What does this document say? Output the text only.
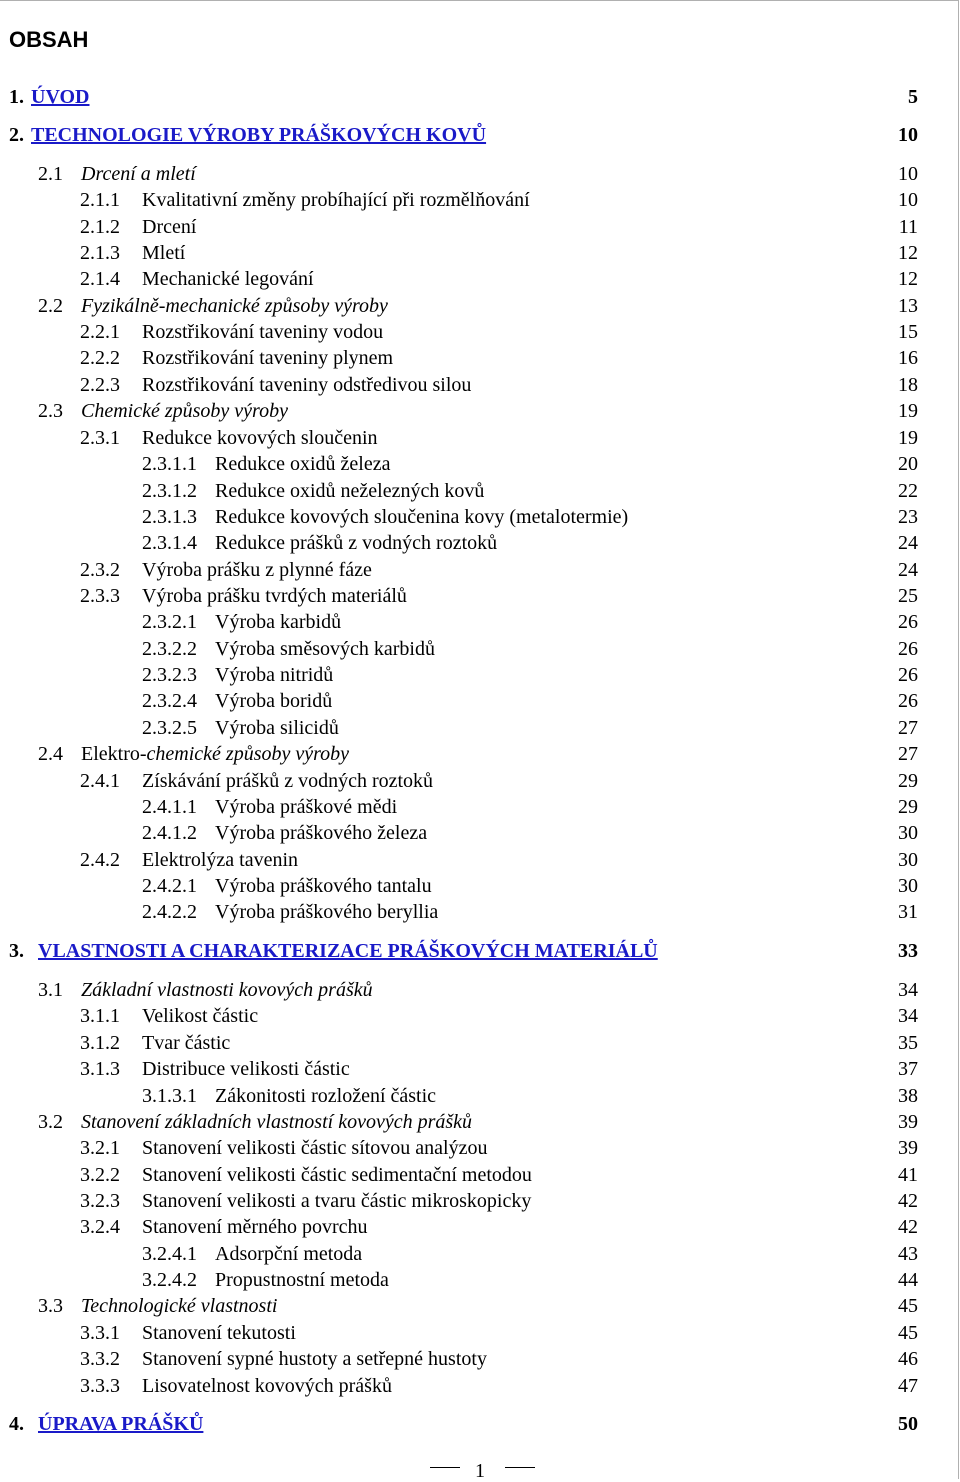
OBSAH
1. ÚVOD	5
2. TECHNOLOGIE VÝROBY PRÁŠKOVÝCH KOVŮ	10
2.1 Drcení a mletí	10
2.1.1 Kvalitativní změny probíhající při rozmělňování	10
2.1.2 Drcení	11
2.1.3 Mletí	12
2.1.4 Mechanické legování	12
2.2 Fyzikálně-mechanické způsoby výroby	13
2.2.1 Rozstřikování taveniny vodou	15
2.2.2 Rozstřikování taveniny plynem	16
2.2.3 Rozstřikování taveniny odstředivou silou	18
2.3 Chemické způsoby výroby	19
2.3.1 Redukce kovových sloučenin	19
2.3.1.1 Redukce oxidů železa	20
2.3.1.2 Redukce oxidů neželezných kovů	22
2.3.1.3 Redukce kovových sloučenina kovy (metalotermie)	23
2.3.1.4 Redukce prášků z vodných roztoků	24
2.3.2 Výroba prášku z plynné fáze	24
2.3.3 Výroba prášku tvrdých materiálů	25
2.3.2.1 Výroba karbidů	26
2.3.2.2 Výroba směsových karbidů	26
2.3.2.3 Výroba nitridů	26
2.3.2.4 Výroba boridů	26
2.3.2.5 Výroba silicidů	27
2.4 Elektro-chemické způsoby výroby	27
2.4.1 Získávání prášků z vodných roztoků	29
2.4.1.1 Výroba práškové mědi	29
2.4.1.2 Výroba práškového železa	30
2.4.2 Elektrolýza tavenin	30
2.4.2.1 Výroba práškového tantalu	30
2.4.2.2 Výroba práškového beryllia	31
3. VLASTNOSTI A CHARAKTERIZACE PRÁŠKOVÝCH MATERIÁLŮ	33
3.1 Základní vlastnosti kovových prášků	34
3.1.1 Velikost částic	34
3.1.2 Tvar částic	35
3.1.3 Distribuce velikosti částic	37
3.1.3.1 Zákonitosti rozložení částic	38
3.2 Stanovení základních vlastností kovových prášků	39
3.2.1 Stanovení velikosti částic sítovou analýzou	39
3.2.2 Stanovení velikosti částic sedimentační metodou	41
3.2.3 Stanovení velikosti a tvaru částic mikroskopicky	42
3.2.4 Stanovení měrného povrchu	42
3.2.4.1 Adsorpční metoda	43
3.2.4.2 Propustnostní metoda	44
3.3 Technologické vlastnosti	45
3.3.1 Stanovení tekutosti	45
3.3.2 Stanovení sypné hustoty a setřepné hustoty	46
3.3.3 Lisovatelnost kovových prášků	47
4. ÚPRAVA PRÁŠKŮ	50
1
